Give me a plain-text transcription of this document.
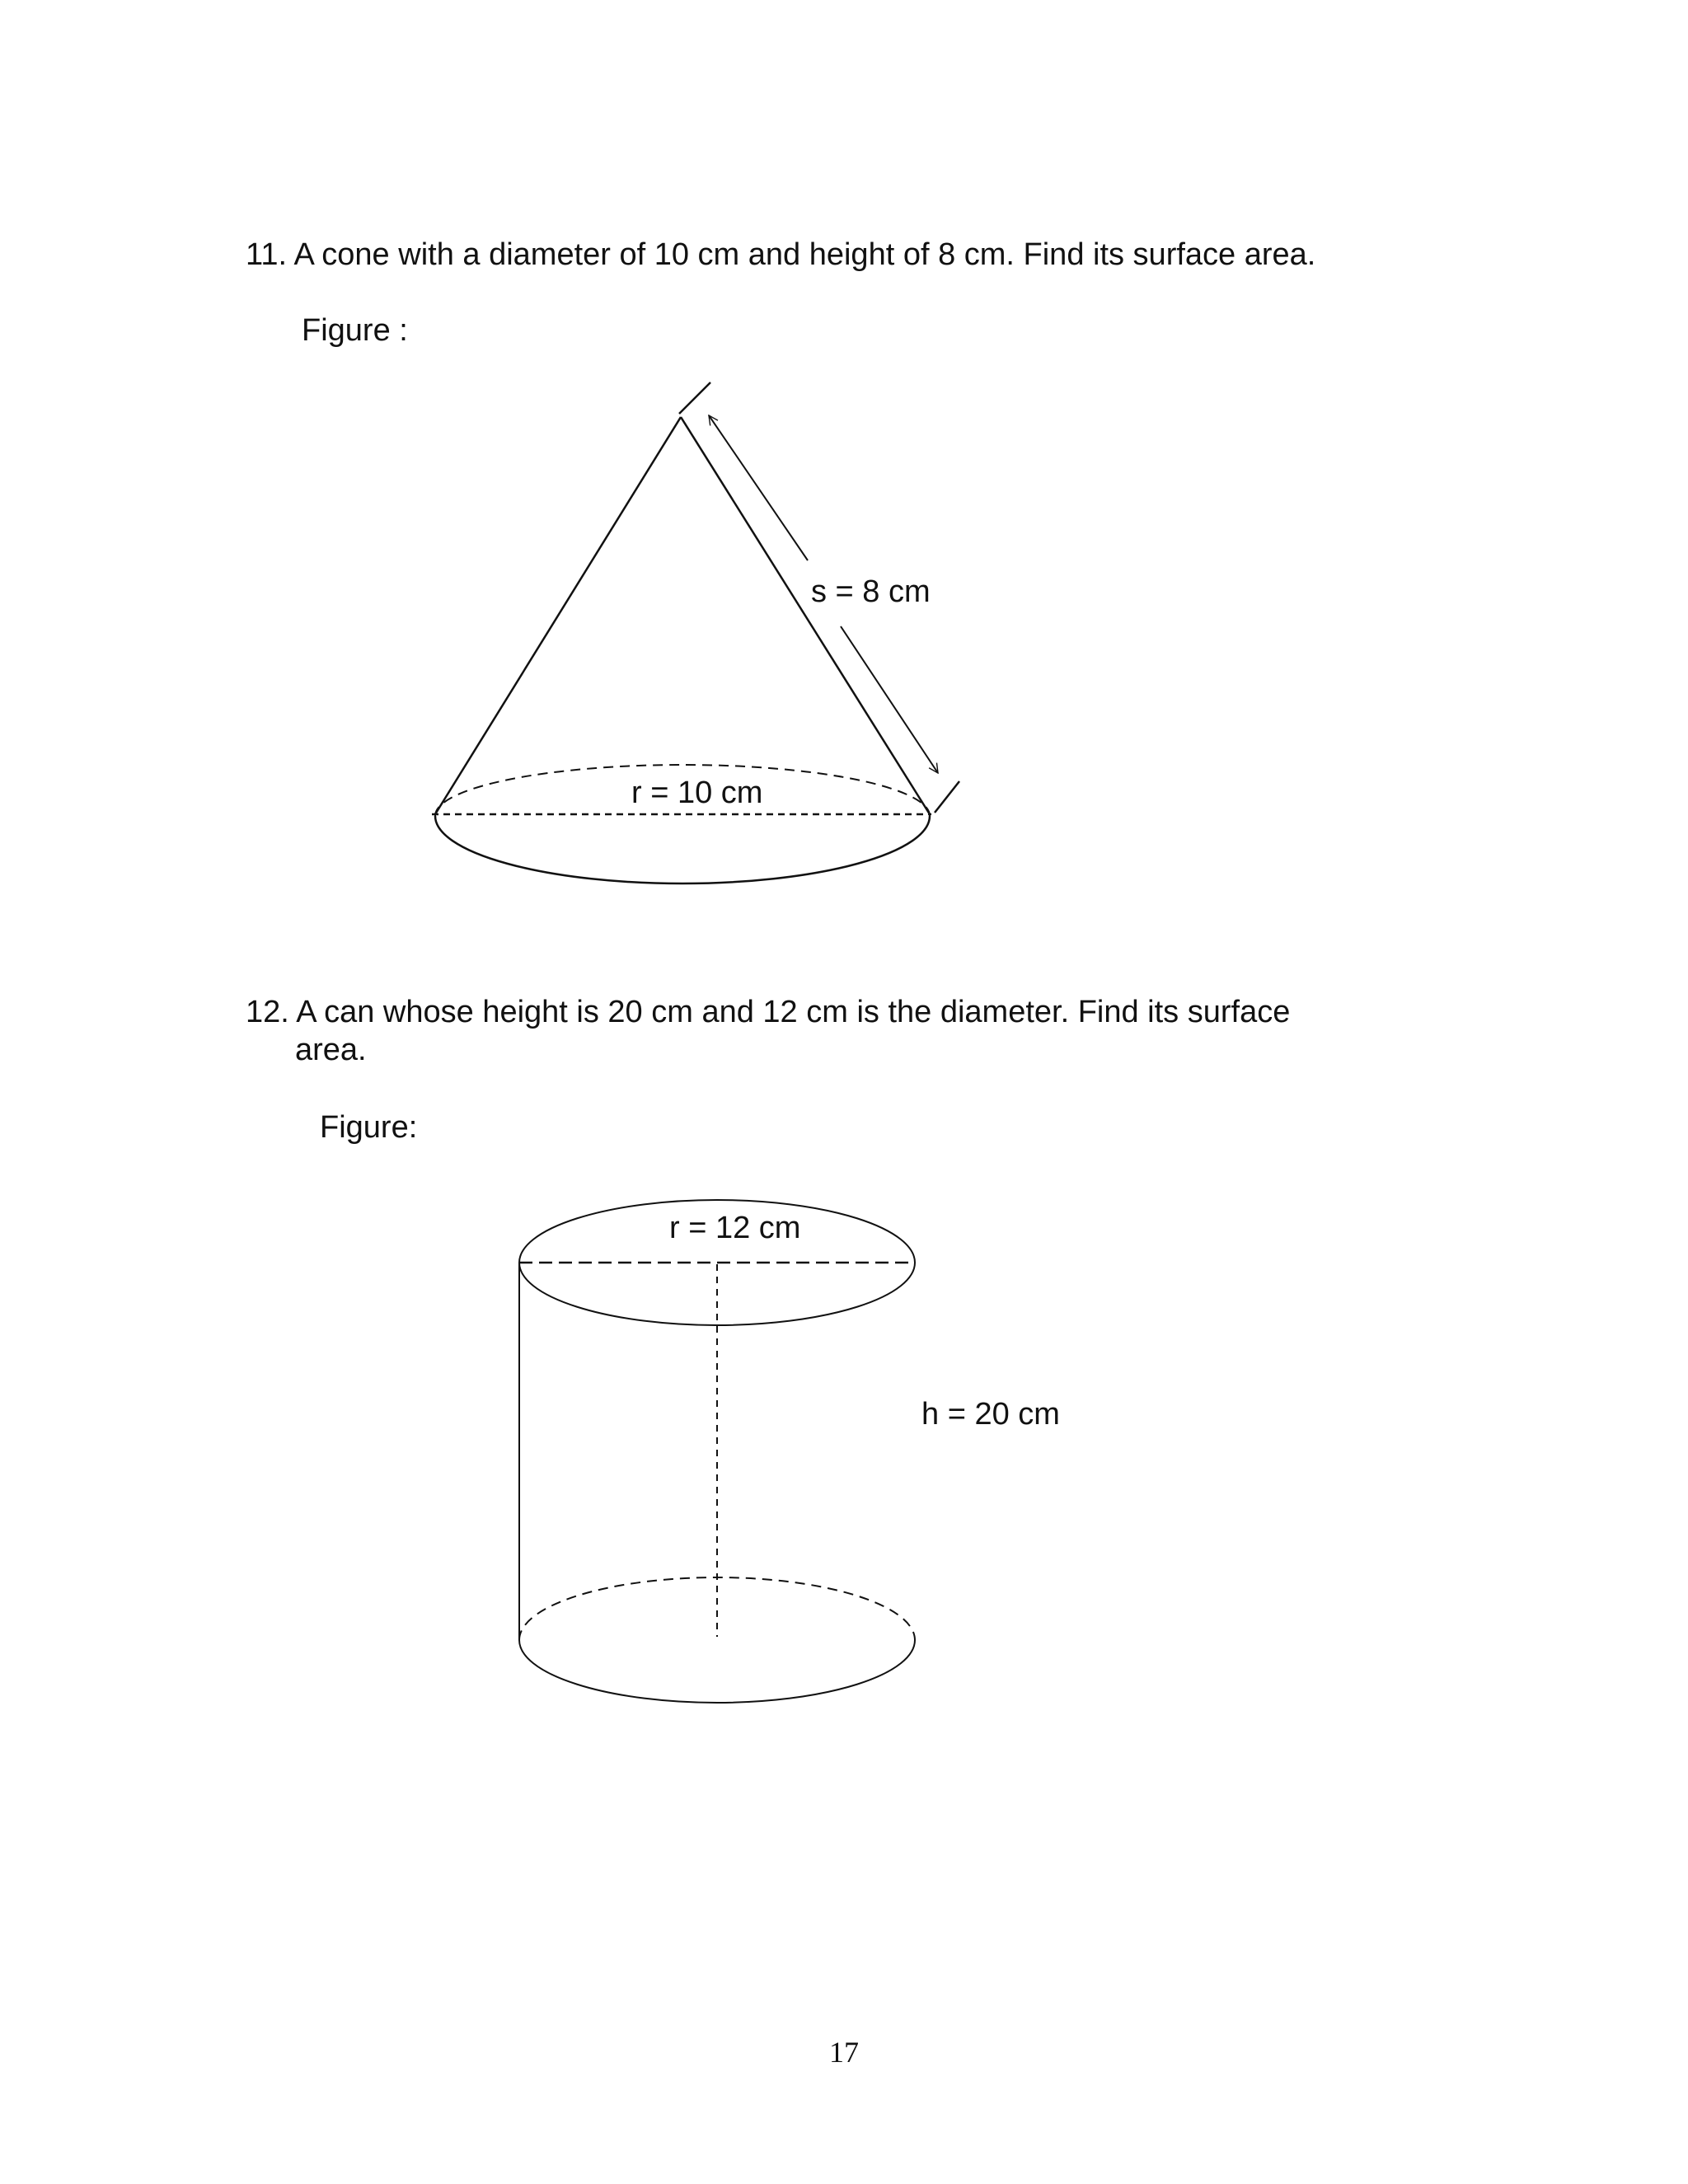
11. A cone with a diameter of 10 cm and height of 8 cm. Find its surface area.
Figure :
12. A can whose height is 20 cm and 12 cm is the diameter. Find its surface
area.
Figure:
s = 8 cm
r = 10 cm
r = 12 cm
h = 20 cm
17
